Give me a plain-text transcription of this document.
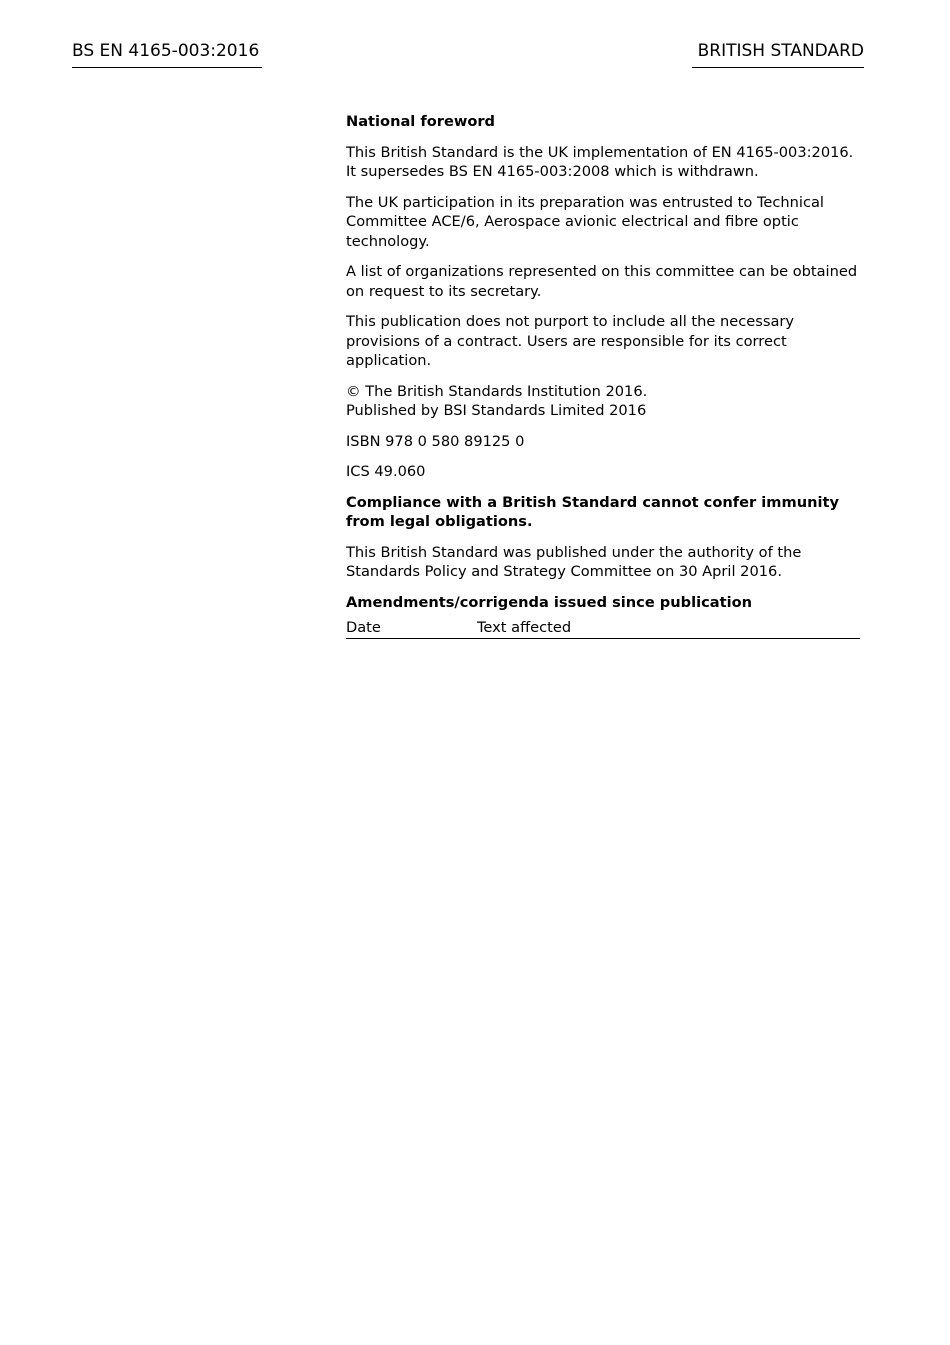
BS EN 4165-003:2016	BRITISH STANDARD

National foreword

This British Standard is the UK implementation of EN 4165-003:2016.
It supersedes BS EN 4165-003:2008 which is withdrawn.

The UK participation in its preparation was entrusted to Technical Committee ACE/6, Aerospace avionic electrical and fibre optic technology.

A list of organizations represented on this committee can be obtained on request to its secretary.

This publication does not purport to include all the necessary provisions of a contract. Users are responsible for its correct application.

© The British Standards Institution 2016.
Published by BSI Standards Limited 2016

ISBN 978 0 580 89125 0

ICS 49.060

Compliance with a British Standard cannot confer immunity from legal obligations.

This British Standard was published under the authority of the Standards Policy and Strategy Committee on 30 April 2016.

Amendments/corrigenda issued since publication

Date	Text affected
